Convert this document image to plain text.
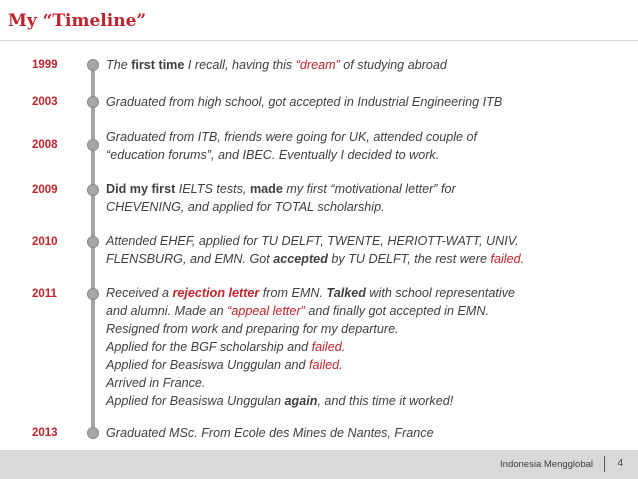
My “Timeline”
1999
2003
2008
2009
2010
2011
2013
The first time I recall, having this “dream” of studying abroad
Graduated from high school, got accepted in Industrial Engineering ITB
Graduated from ITB, friends were going for UK, attended couple of
“education forums”, and IBEC. Eventually I decided to work.
Did my first IELTS tests, made my first “motivational letter” for
CHEVENING, and applied for TOTAL scholarship.
Attended EHEF, applied for TU DELFT, TWENTE, HERIOTT-WATT, UNIV.
FLENSBURG, and EMN. Got accepted by TU DELFT, the rest were failed.
Received a rejection letter from EMN. Talked with school representative
and alumni. Made an “appeal letter” and finally got accepted in EMN.
Resigned from work and preparing for my departure.
Applied for the BGF scholarship and failed.
Applied for Beasiswa Unggulan and failed.
Arrived in France.
Applied for Beasiswa Unggulan again, and this time it worked!
Graduated MSc. From Ecole des Mines de Nantes, France
Indonesia Mengglobal 4
